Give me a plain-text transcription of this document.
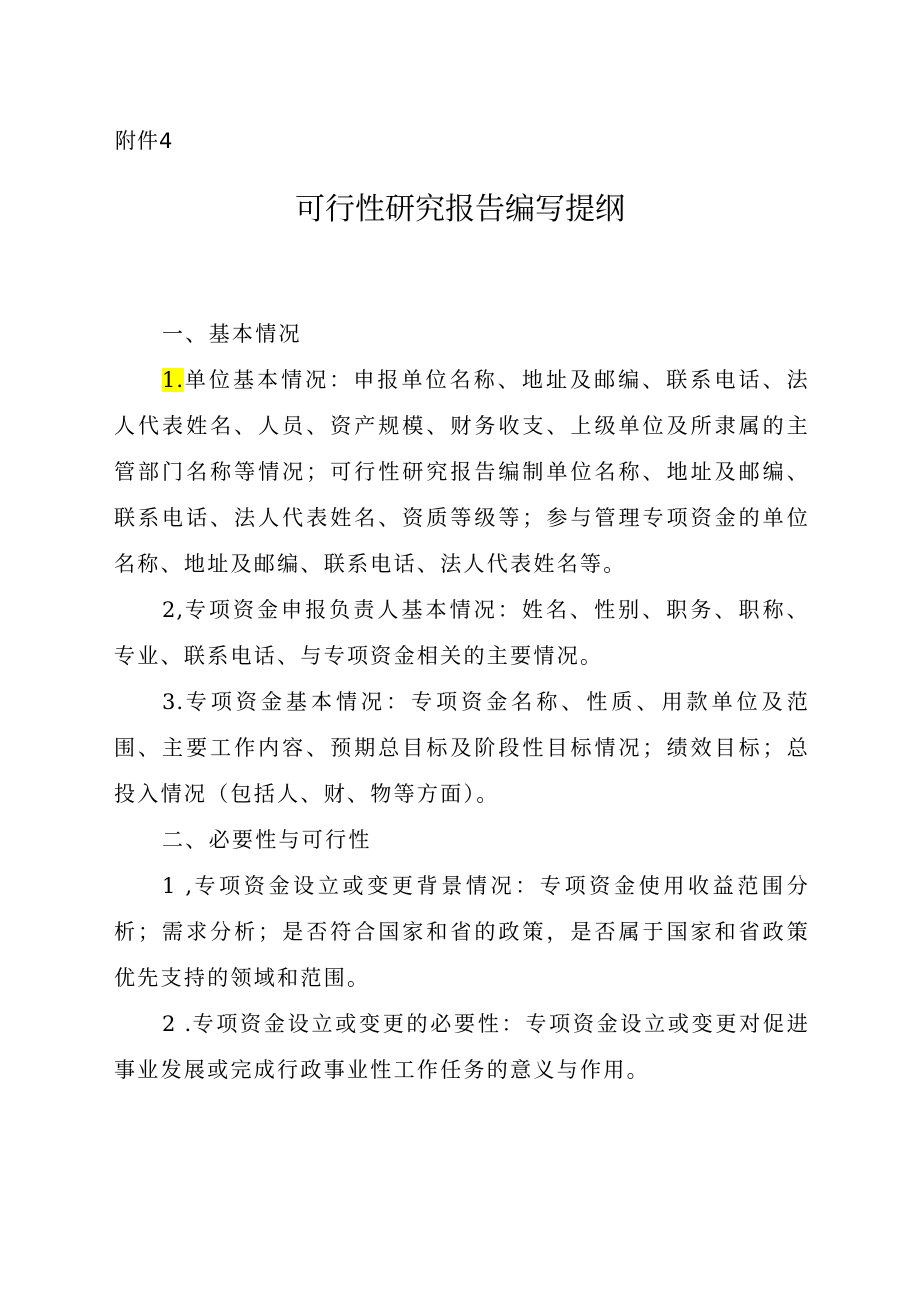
附件4
可行性研究报告编写提纲

一、基本情况

1.单位基本情况：申报单位名称、地址及邮编、联系电话、法人代表姓名、人员、资产规模、财务收支、上级单位及所隶属的主管部门名称等情况；可行性研究报告编制单位名称、地址及邮编、联系电话、法人代表姓名、资质等级等；参与管理专项资金的单位名称、地址及邮编、联系电话、法人代表姓名等。

2,专项资金申报负责人基本情况：姓名、性别、职务、职称、专业、联系电话、与专项资金相关的主要情况。

3.专项资金基本情况：专项资金名称、性质、用款单位及范围、主要工作内容、预期总目标及阶段性目标情况；绩效目标；总投入情况（包括人、财、物等方面）。

二、必要性与可行性

1 ,专项资金设立或变更背景情况：专项资金使用收益范围分析；需求分析；是否符合国家和省的政策，是否属于国家和省政策优先支持的领域和范围。

2 .专项资金设立或变更的必要性：专项资金设立或变更对促进事业发展或完成行政事业性工作任务的意义与作用。
